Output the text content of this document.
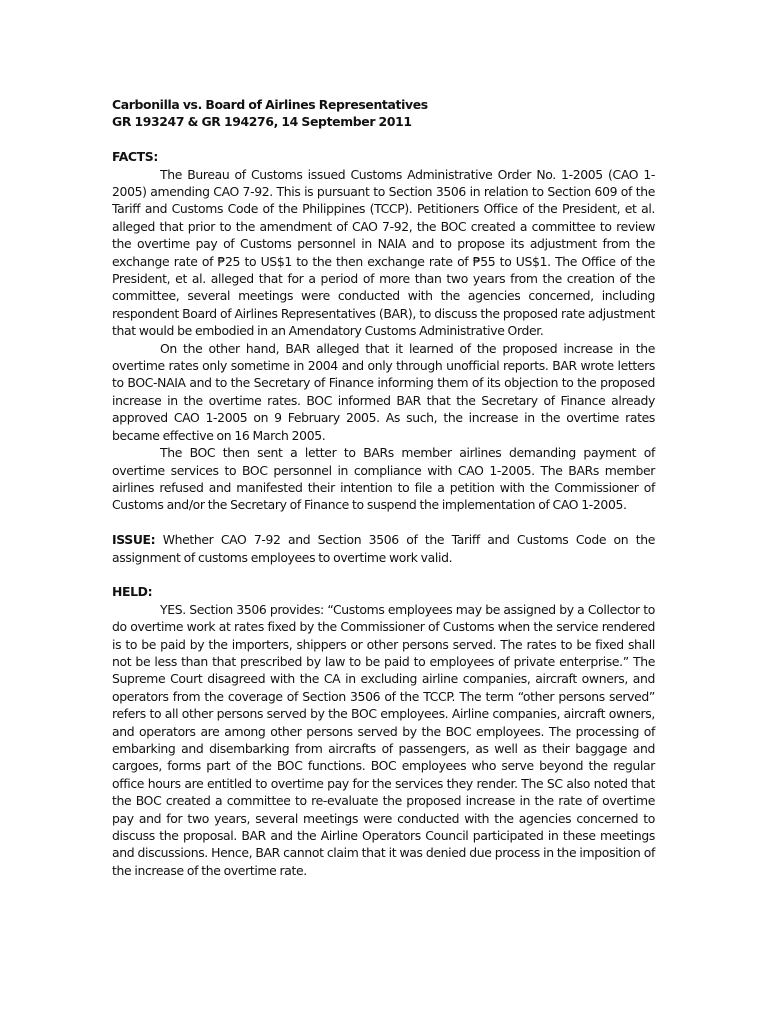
Carbonilla vs. Board of Airlines Representatives

GR 193247 & GR 194276, 14 September 2011

FACTS:

The Bureau of Customs issued Customs Administrative Order No. 1-2005 (CAO 1-2005) amending CAO 7-92. This is pursuant to Section 3506 in relation to Section 609 of the Tariff and Customs Code of the Philippines (TCCP). Petitioners Office of the President, et al. alleged that prior to the amendment of CAO 7-92, the BOC created a committee to review the overtime pay of Customs personnel in NAIA and to propose its adjustment from the exchange rate of ₱25 to US$1 to the then exchange rate of ₱55 to US$1. The Office of the President, et al. alleged that for a period of more than two years from the creation of the committee, several meetings were conducted with the agencies concerned, including respondent Board of Airlines Representatives (BAR), to discuss the proposed rate adjustment that would be embodied in an Amendatory Customs Administrative Order.

On the other hand, BAR alleged that it learned of the proposed increase in the overtime rates only sometime in 2004 and only through unofficial reports. BAR wrote letters to BOC-NAIA and to the Secretary of Finance informing them of its objection to the proposed increase in the overtime rates. BOC informed BAR that the Secretary of Finance already approved CAO 1-2005 on 9 February 2005. As such, the increase in the overtime rates became effective on 16 March 2005.

The BOC then sent a letter to BARs member airlines demanding payment of overtime services to BOC personnel in compliance with CAO 1-2005. The BARs member airlines refused and manifested their intention to file a petition with the Commissioner of Customs and/or the Secretary of Finance to suspend the implementation of CAO 1-2005.

ISSUE: Whether CAO 7-92 and Section 3506 of the Tariff and Customs Code on the assignment of customs employees to overtime work valid.

HELD:

YES. Section 3506 provides: “Customs employees may be assigned by a Collector to do overtime work at rates fixed by the Commissioner of Customs when the service rendered is to be paid by the importers, shippers or other persons served. The rates to be fixed shall not be less than that prescribed by law to be paid to employees of private enterprise.” The Supreme Court disagreed with the CA in excluding airline companies, aircraft owners, and operators from the coverage of Section 3506 of the TCCP. The term “other persons served” refers to all other persons served by the BOC employees. Airline companies, aircraft owners, and operators are among other persons served by the BOC employees. The processing of embarking and disembarking from aircrafts of passengers, as well as their baggage and cargoes, forms part of the BOC functions. BOC employees who serve beyond the regular office hours are entitled to overtime pay for the services they render. The SC also noted that the BOC created a committee to re-evaluate the proposed increase in the rate of overtime pay and for two years, several meetings were conducted with the agencies concerned to discuss the proposal. BAR and the Airline Operators Council participated in these meetings and discussions. Hence, BAR cannot claim that it was denied due process in the imposition of the increase of the overtime rate.
